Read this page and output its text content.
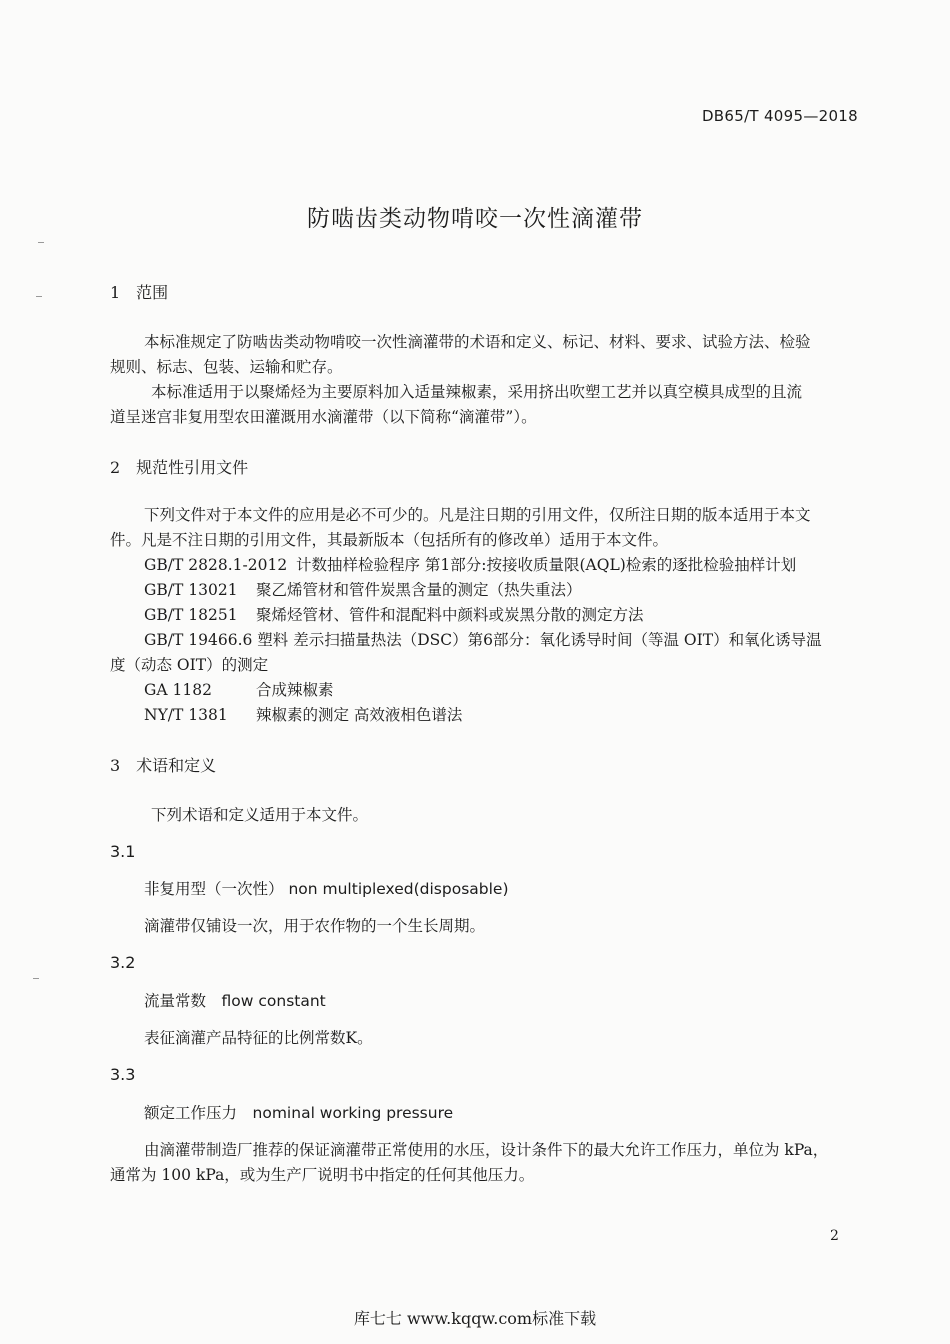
DB65/T 4095—2018
防啮齿类动物啃咬一次性滴灌带
1　范围
本标准规定了防啮齿类动物啃咬一次性滴灌带的术语和定义、标记、材料、要求、试验方法、检验
规则、标志、包装、运输和贮存。
本标准适用于以聚烯烃为主要原料加入适量辣椒素，采用挤出吹塑工艺并以真空模具成型的且流
道呈迷宫非复用型农田灌溉用水滴灌带（以下简称“滴灌带”）。
2　规范性引用文件
下列文件对于本文件的应用是必不可少的。凡是注日期的引用文件，仅所注日期的版本适用于本文
件。凡是不注日期的引用文件，其最新版本（包括所有的修改单）适用于本文件。
GB/T 2828.1-2012 计数抽样检验程序 第1部分:按接收质量限(AQL)检索的逐批检验抽样计划
GB/T 13021 聚乙烯管材和管件炭黑含量的测定（热失重法）
GB/T 18251 聚烯烃管材、管件和混配料中颜料或炭黑分散的测定方法
GB/T 19466.6 塑料 差示扫描量热法（DSC）第6部分：氧化诱导时间（等温 OIT）和氧化诱导温
度（动态 OIT）的测定
GA 1182	合成辣椒素
NY/T 1381 辣椒素的测定 高效液相色谱法
3　术语和定义
下列术语和定义适用于本文件。
3.1
非复用型（一次性） non multiplexed(disposable)
滴灌带仅铺设一次，用于农作物的一个生长周期。
3.2
流量常数　 flow constant
表征滴灌产品特征的比例常数K。
3.3
额定工作压力　 nominal working pressure
由滴灌带制造厂推荐的保证滴灌带正常使用的水压，设计条件下的最大允许工作压力，单位为 kPa，
通常为 100 kPa，或为生产厂说明书中指定的任何其他压力。
2
库七七 www.kqqw.com标准下载
